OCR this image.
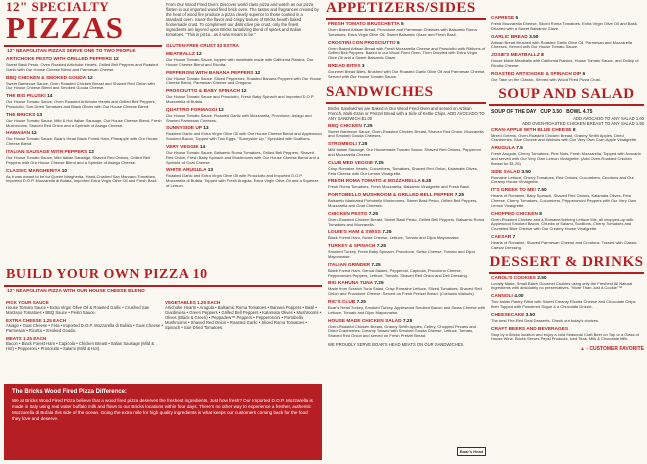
12" SPECIALTY
PIZZAS
12" NEAPOLITAN PIZZAS SERVE ONE TO TWO PEOPLE
ARTICHOKE PESTO WITH GRILLED PEPPERS 12
Sweet Basil Pesto, Oven Roasted Artichoke Hearts, Grilled Bell Peppers and Roasted Garlic with Our House Cheese Blend and Parmesan Cheese.
BBQ CHICKEN & SMOKED GOUDA 12
Sweet Barbecue Sauce, Oven Roasted Chicken Breast and Shaved Red Onion with Our House Cheese Blend and Smoked Gouda Cheese.
THE BIG PILUSKI 14
Our House Tomato Sauce, Oven Roasted Artichoke Hearts and Grilled Bell Peppers, Prosciutto, Sun-Dried Tomatoes and Black Olives with Our House Cheese Blend.
THE BRICKS 13
Our House Tomato Sauce, Mild & Hot Italian Sausage, Our House Cheese Blend, Fresh Mushrooms, Shaved Red Onion and a Sprinkle of Asiago Cheese.
HAWAIIAN 12
Our House Tomato Sauce, Boar's Head Black Forest Ham, Pineapple with Our House Cheese Blend.
ITALIAN SAUSAGE WITH PEPPERS 12
Our House Tomato Sauce, Mild Italian Sausage, Shaved Red Onions, Grilled Bell Peppers with Our House Cheese Blend and a Sprinkle of Asiago Cheese.
CLASSIC MARGHERITA 10
As it was meant to be for Queen Margherita, Hand-Crushed San Marzano Tomatoes, Imported D.O.P. Mozzarella di Bufala, Imported Extra Virgin Olive Oil and Fresh Basil.
From Our Wood Fired Oven: Discover world class pizza and watch as our pizza flatten in our imported wood fired brick oven. The tastes and fragrances created by the heat of wood fire produce a pizza clearly superior to those cooked in a standard oven. Savor the flavor and crispy texture of Bricks hearth baked homemade crust. To compliment our distinctive pie crust, only the finest ingredients are layered upon Bricks tantalizing blend of spices and Italian tomatoes. "This is pizza...as it was meant to be."
GLUTEN-FREE CRUST $3 EXTRA
MEATBALLZ 12
Our House Tomato Sauce, topped with meatballs made with California Raisins, Our House Cheese Blend and Ricotta.
PEPPERONI WITH BANANA PEPPERS 12
Our House Tomato Sauce, Sliced Pepperoni, Roasted Banana Peppers with Our House Cheese Blend, Parmesan Cheese and Oregano.
PROSCIUTTO & BABY SPINACH 12
Our House Tomato Sauce and Prosciutto, Fresh Baby Spinach and Imported D.O.P. Mozzarella di Bufala.
QUATTRO FORMAGGI 12
Our House Tomato Sauce, Roasted Garlic with Mozzarella, Provolone, Asiago and Shaved Parmesan Cheeses.
SUNNYSIDE UP 13
Roasted Garlic and Extra Virgin Olive Oil with Our House Cheese Blend and Applewood Smoked Bacon, Topped with Two Eggs, "Sunnyside Up," Sprinkled with Scallions.
VERY VEGGIE 14
Our House Tomato Sauce, Balsamic Roma Tomatoes, Grilled Bell Peppers, Shaved Red Onion, Fresh Baby Spinach and Mushrooms with Our House Cheese Blend and a Sprinkle of Goat Cheese.
WHITE ARUGULA 13
Roasted Garlic and Extra Virgin Olive Oil with Prosciutto and Imported D.O.P. Mozzarella di Bufala, Topped with Fresh Arugula, Extra Virgin Olive Oil and a Squeeze of Lemon.
BUILD YOUR OWN PIZZA 10
12" NEAPOLITAN PIZZA WITH OUR HOUSE CHEESE BLEND
PICK YOUR SAUCE
House Tomato Sauce • Extra Virgin Olive Oil & Roasted Garlic • Crushed San Marzano Tomatoes • BBQ Sauce • Pesto Sauce.
EXTRA CHEESE 1.25 EACH
Asiago • Goat Cheese • Feta • Imported D.O.P. Mozzarella di Bufala • Goat Cheese • Parmesan • Ricotta • Smoked Gouda.
MEATS 1.25 EACH
Bacon • Black Forest Ham • Capicola • Chicken Breast • Italian Sausage (Mild & Hot) • Pepperoni • Prosciutto • Salami (Mild & Hot).
VEGETABLES 1.25 EACH
Artichoke Hearts • Arugula • Balsamic Roma Tomatoes • Banana Peppers • Basil • Giardiniera • Green Peppers • Grilled Bell Peppers • Kalamata Olives • Mushrooms • Olives (Black & Green) • Peppadew™ Peppers • Pepperoncini • Portobello Mushrooms • Shaved Red Onion • Roasted Garlic • Sliced Roma Tomatoes • Spinach • Sun-Dried Tomatoes.
The Bricks Wood Fired Pizza Difference:
We at Bricks Wood Fired Pizza believe that a wood fired pizza deserves the freshest ingredients. Just how fresh? Our Imported D.O.P. Mozzarella is made in Italy using real water buffalo milk and flown to our Bricks locations within four days. There's no other way to experience a fresher, authentic Mozzarella di Bufala this side of the ocean. Going the extra mile for high quality ingredients is what keeps our customers coming back for the food they love and deserve.
APPETIZERS/SIDES
FRESH TOMATO BRUSCHETTA 5
Oven Baked Artisan Bread, Provolone and Parmesan Cheeses with Balsamic Roma Tomatoes, Extra Virgin Olive Oil, Sweet Balsamic Glaze and Fresh Basil.
CROSTINI CON PROSCIUTTO 6
Oven Baked Artisan Bread with Fresh Mozzarella Cheese and Prosciutto with Ribbons of Grilled Bell Peppers. Baked in our Wood Fired Oven, Then Drizzled with Extra Virgin Olive Oil and a Sweet Balsamic Glaze.
BREAD BITES 3
Gourmet Bread Bites, Brushed with Our Roasted Garlic Olive Oil and Parmesan Cheese, Served with Our House Tomato Sauce.
SANDWICHES
Bricks Sandwiches are Baked in Our Wood Fired Oven and served on Artisan French, Multi-Grain or Pretzel Bread with a Side of Kettle Chips. ADD AVOCADO TO ANY SANDWICH $1.00
BBQ CHICKEN 7.25
Sweet Barbecue Sauce, Oven-Roasted Chicken Breast, Shaved Red Onion, Mozzarella and Smoked Gouda Cheeses.
STROMBOLI 7.25
Mild Italian Sausage, Our Housemade Tomato Sauce, Shaved Red Onions, Pepperoni and Mozzarella Cheese.
CLUB MED VEGGIE 7.25
Crisp Romaine Hearts, Cucumbers, Tomatoes, Shaved Red Onion, Kalamata Olives, Feta Cheese with Our Lemon Vinaigrette.
FRESH ROMA TOMATO & MOZZARELLA 6.25
Fresh Roma Tomatoes, Fresh Mozzarella, Balsamic Vinaigrette and Fresh Basil.
PORTOBELLO MUSHROOM & GRILLED BELL PEPPER 7.25
Balsamic Marinated Portobello Mushrooms, Sweet Basil Pesto, Grilled Bell Peppers, Mozzarella and Goat Cheeses.
CHICKEN PESTO 7.25
Oven-Roasted Chicken Breast, Sweet Basil Pesto, Grilled Bell Peppers, Balsamic Roma Tomatoes and Mozzarella.
LOUIE'S HAM & SWISS 7.25
Black Forest Ham, Swiss Cheese, Lettuce, Tomato and Dijon Mayonnaise.
TURKEY & SPINACH 7.25
Smoked Turkey, Fresh Baby Spinach, Provolone, Swiss Cheese, Tomato and Dijon Mayonnaise.
ITALIAN GRINDER 7.25
Black Forest Ham, Genoa Salami, Pepperoni, Capicola, Provolone Cheese, Pepperoncini Peppers, Lettuce, Tomato, Shaved Red Onion and Deli Dressing.
BIG KAHUNA TUNA 7.25
Made from Scratch Tuna Salad, Crisp Romaine Lettuce, Sliced Tomatoes, Shaved Red Onion and Provolone Cheese. Served on Fresh Pretzel Bread. (Contains Walnuts)
RIC'S CLUB 7.25
Boar's Head Turkey, Smoked Turkey, Applewood Smoked Bacon and Swiss Cheese with Lettuce, Tomato and Dijon Mayonnaise.
HOUSE MADE CHICKEN SALAD 7.25
Oven-Roasted Chicken Breast, Granny Smith Apples, Celery, Chopped Pecans and Dried Cranberries. Creamy Tossed with Smoked Gouda Cheese, Lettuce, Tomato, Shaved Red Onion and served on Fresh Pretzel Bread.
WE PROUDLY SERVE BOAR'S HEAD MEATS ON OUR SANDWICHES.
Boar's Head
CAPRESE 5
Fresh Mozzarella Cheese, Sliced Roma Tomatoes, Extra Virgin Olive Oil and Basil, Drizzled with a Sweet Balsamic Glaze.
GARLIC BREAD 3.50
Artisan Bread Brushed with Roasted Garlic Olive Oil, Parmesan and Mozzarella Cheeses, Served with Our House Tomato Sauce.
JOSIE'S MEATBALLZ 8
House Made Meatballs with California Raisins, House Tomato Sauce, and Dollop of Ricotta Cheese.
ROASTED ARTICHOKE & SPINACH DIP 6
Our Take on the Classic, Served with Wood Fired Pizza Crust.
SOUP AND SALAD
SOUP OF THE DAY CUP 3.50 BOWL 4.75
ADD AVOCADO TO ANY SALAD 1.00
ADD OVEN-ROASTED CHICKEN BREAST TO ANY SALAD 1.50
CRAN-APPLE WITH BLUE CHEESE 8
Mixed Greens, Oven-Roasted Chicken Breast, Granny Smith Apples, Dried Cranberries, Blue Cheese and Walnuts with Our Very Own Cran-Apple Vinaigrette.
ARUGULA 7.5
Fresh Arugula, Cherry Tomatoes, Pine Nuts, Fresh Mozzarella, Topped with Avocado and served with Our Very Own Lemon Vinaigrette. (Add Oven-Roasted Chicken Breast for $1.25)
SIDE SALAD 3.50
Romaine Lettuce, Cherry Tomatoes, Red Onions, Cucumbers, Croutons and Our Creamy House Vinaigrette.
IT'S GREEK TO ME! 7.50
Hearts of Romaine, Baby Spinach, Shaved Red Onions, Kalamata Olives, Feta Cheese, Cherry Tomatoes, Cucumbers, Pepperoncini Peppers with Our Very Own Lemon Vinaigrette.
CHOPPED CHICKEN 8
Oven-Roasted Chicken and a Romaine/Iceberg Lettuce Mix, all chopped-up with Applewood Smoked Bacon, Chunks of Salami, Scallions, Cherry Tomatoes and Crumbled Blue Cheese with Our Creamy House Vinaigrette.
CAESAR 7
Hearts of Romaine, Shaved Parmesan Cheese and Croutons. Tossed with Classic Caesar Dressing.
DESSERT & DRINKS
CAROL'S COOKIES 2.50
Locally Made, Small Batch Gourmet Cookies using only the Freshest All Natural Ingredients with absolutely no preservatives. "More Than Just A Cookie"™
CANNOLI 4.00
Two Italian Pastry Filled with Sweet Creamy Ricotta Cheese and Chocolate Chips then Topped with Powdered Sugar & a Chocolate Drizzle.
CHEESECAKE 3.50
The best Fire-Red Deal Desserts. Check out today's choices.
CRAFT BEERS AND BEVERAGES
Stop by a Bricks location and enjoy a cold Seasonal Craft Beer on Tap or a Glass of House Wine. Bricks Serves Pepsi Products, Iced Teas, Milk & Chocolate Milk.
▲ - CUSTOMER FAVORITE
